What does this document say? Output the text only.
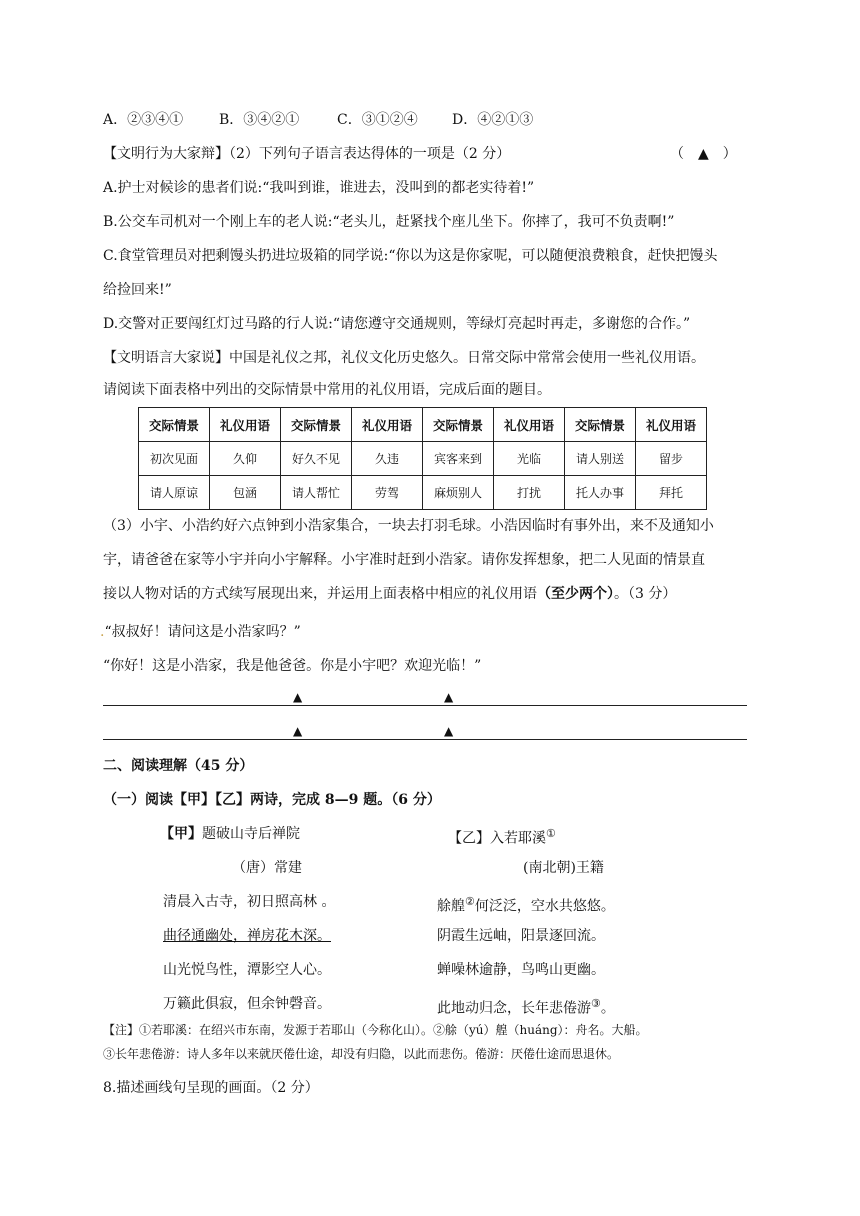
A．②③④①	B．③④②①	C．③①②④ D．④②①③
【文明行为大家辩】（2）下列句子语言表达得体的一项是（2 分）	（　▲　）
A.护士对候诊的患者们说:“我叫到谁，谁进去，没叫到的都老实待着!”
B.公交车司机对一个刚上车的老人说:“老头儿，赶紧找个座儿坐下。你摔了，我可不负责啊!”
C.食堂管理员对把剩馒头扔进垃圾箱的同学说:“你以为这是你家呢，可以随便浪费粮食，赶快把馒头
给捡回来!”
D.交警对正要闯红灯过马路的行人说:“请您遵守交通规则，等绿灯亮起时再走，多谢您的合作。”
【文明语言大家说】中国是礼仪之邦，礼仪文化历史悠久。日常交际中常常会使用一些礼仪用语。
请阅读下面表格中列出的交际情景中常用的礼仪用语，完成后面的题目。
交际情景	礼仪用语	交际情景	礼仪用语	交际情景	礼仪用语	交际情景	礼仪用语
初次见面	久仰	好久不见	久违	宾客来到	光临	请人别送	留步
请人原谅	包涵	请人帮忙	劳驾	麻烦别人	打扰	托人办事	拜托
（3）小宇、小浩约好六点钟到小浩家集合，一块去打羽毛球。小浩因临时有事外出，来不及通知小
宇，请爸爸在家等小宇并向小宇解释。小宇准时赶到小浩家。请你发挥想象，把二人见面的情景直
接以人物对话的方式续写展现出来，并运用上面表格中相应的礼仪用语（至少两个）。（3 分）
.“叔叔好！请问这是小浩家吗？”
“你好！这是小浩家，我是他爸爸。你是小宇吧？欢迎光临！”
▲	▲
▲	▲
二、阅读理解（45 分）
（一）阅读【甲】【乙】两诗，完成 8—9 题。（6 分）
【甲】题破山寺后禅院
（唐）常建
清晨入古寺，初日照高林 。
曲径通幽处，禅房花木深。
山光悦鸟性，潭影空人心。
万籁此俱寂，但余钟磬音。
【乙】入若耶溪①
(南北朝)王籍
艅艎②何泛泛，空水共悠悠。
阴霞生远岫，阳景逐回流。
蝉噪林逾静，鸟鸣山更幽。
此地动归念，长年悲倦游③。
【注】①若耶溪：在绍兴市东南，发源于若耶山（今称化山）。②艅（yú）艎（huáng）：舟名。大船。
③长年悲倦游：诗人多年以来就厌倦仕途，却没有归隐，以此而悲伤。倦游：厌倦仕途而思退休。
8.描述画线句呈现的画面。（2 分）
